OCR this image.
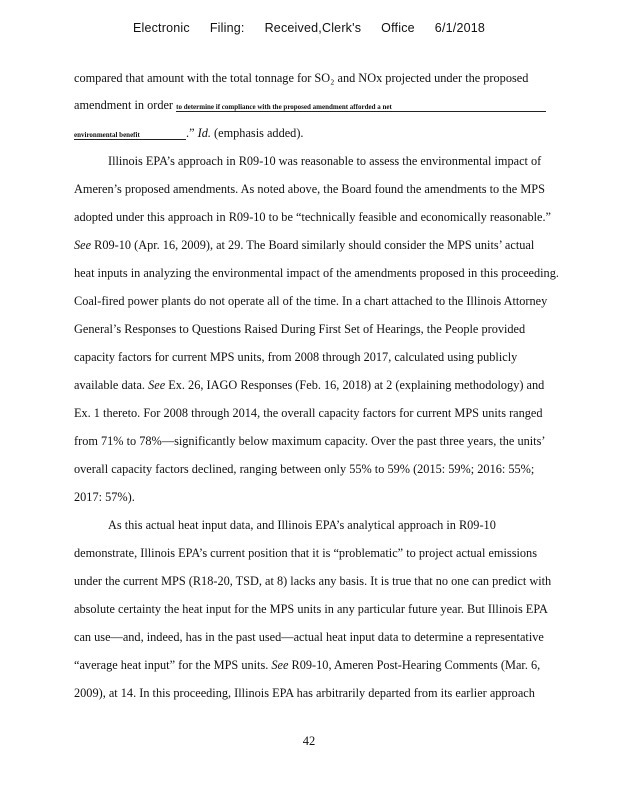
Electronic Filing: Received,Clerk's Office 6/1/2018
compared that amount with the total tonnage for SO₂ and NOx projected under the proposed
amendment in order to determine if compliance with the proposed amendment afforded a net
environmental benefit	.” Id. (emphasis added).
Illinois EPA’s approach in R09-10 was reasonable to assess the environmental impact of
Ameren’s proposed amendments. As noted above, the Board found the amendments to the MPS
adopted under this approach in R09-10 to be “technically feasible and economically reasonable.”
See R09-10 (Apr. 16, 2009), at 29. The Board similarly should consider the MPS units’ actual
heat inputs in analyzing the environmental impact of the amendments proposed in this proceeding.
Coal-fired power plants do not operate all of the time. In a chart attached to the Illinois Attorney
General’s Responses to Questions Raised During First Set of Hearings, the People provided
capacity factors for current MPS units, from 2008 through 2017, calculated using publicly
available data. See Ex. 26, IAGO Responses (Feb. 16, 2018) at 2 (explaining methodology) and
Ex. 1 thereto. For 2008 through 2014, the overall capacity factors for current MPS units ranged
from 71% to 78%—significantly below maximum capacity. Over the past three years, the units’
overall capacity factors declined, ranging between only 55% to 59% (2015: 59%; 2016: 55%;
2017: 57%).
As this actual heat input data, and Illinois EPA’s analytical approach in R09-10
demonstrate, Illinois EPA’s current position that it is “problematic” to project actual emissions
under the current MPS (R18-20, TSD, at 8) lacks any basis. It is true that no one can predict with
absolute certainty the heat input for the MPS units in any particular future year. But Illinois EPA
can use—and, indeed, has in the past used—actual heat input data to determine a representative
“average heat input” for the MPS units. See R09-10, Ameren Post-Hearing Comments (Mar. 6,
2009), at 14. In this proceeding, Illinois EPA has arbitrarily departed from its earlier approach
42
